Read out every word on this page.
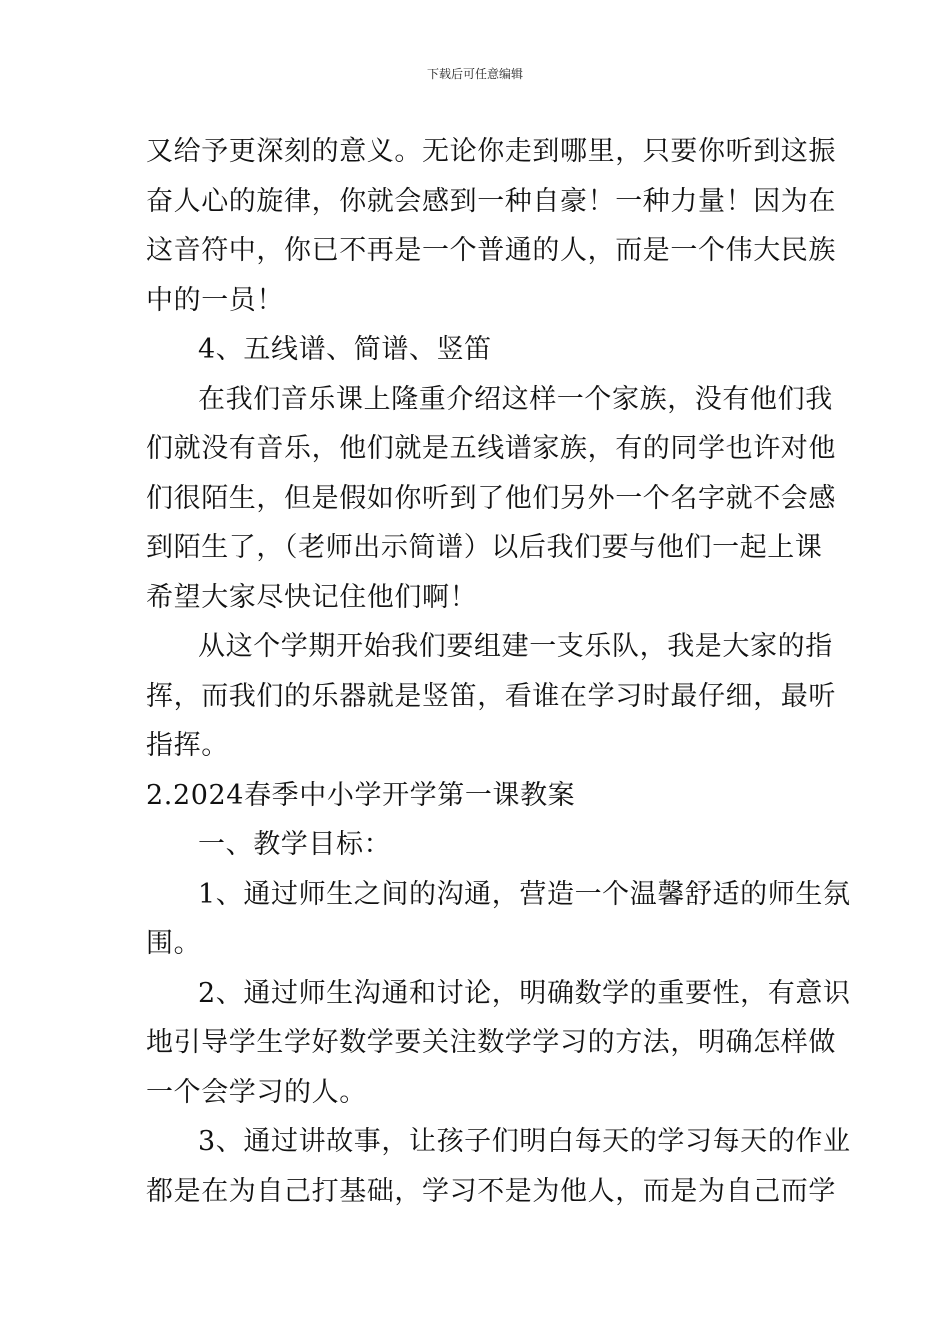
下载后可任意编辑
又给予更深刻的意义。无论你走到哪里，只要你听到这振
奋人心的旋律，你就会感到一种自豪！一种力量！因为在
这音符中，你已不再是一个普通的人，而是一个伟大民族
中的一员！
4、五线谱、简谱、竖笛
在我们音乐课上隆重介绍这样一个家族，没有他们我
们就没有音乐，他们就是五线谱家族，有的同学也许对他
们很陌生，但是假如你听到了他们另外一个名字就不会感
到陌生了，（老师出示简谱）以后我们要与他们一起上课
希望大家尽快记住他们啊！
从这个学期开始我们要组建一支乐队，我是大家的指
挥，而我们的乐器就是竖笛，看谁在学习时最仔细，最听
指挥。
2.2024春季中小学开学第一课教案
一、教学目标：
1、通过师生之间的沟通，营造一个温馨舒适的师生氛
围。
2、通过师生沟通和讨论，明确数学的重要性，有意识
地引导学生学好数学要关注数学学习的方法，明确怎样做
一个会学习的人。
3、通过讲故事，让孩子们明白每天的学习每天的作业
都是在为自己打基础，学习不是为他人，而是为自己而学
